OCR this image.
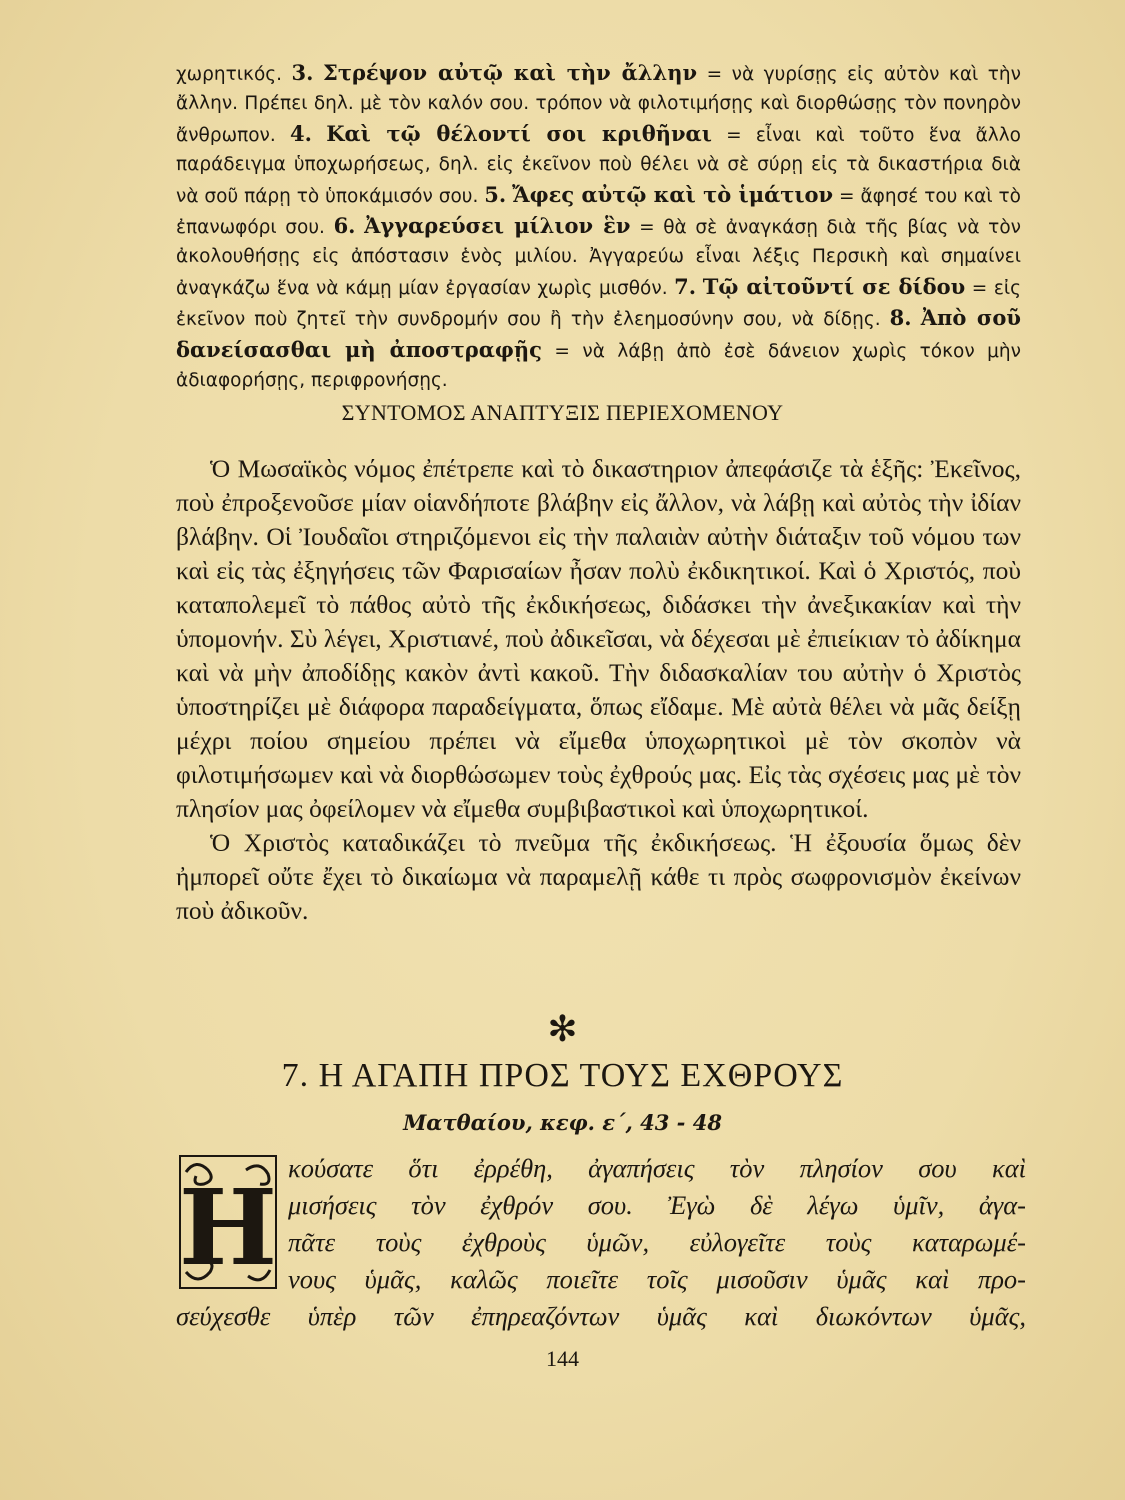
χωρητικός. 3. Στρέψον αὐτῷ καὶ τὴν ἄλλην = νὰ γυρίσῃς εἰς αὐτὸν καὶ τὴν ἄλλην. Πρέπει δηλ. μὲ τὸν καλόν σου. τρόπον νὰ φιλοτιμήσῃς καὶ διορθώσῃς τὸν πονηρὸν ἄνθρωπον. 4. Καὶ τῷ θέλοντί σοι κριθῆναι = εἶναι καὶ τοῦτο ἕνα ἄλλο παράδειγμα ὑποχωρήσεως, δηλ. εἰς ἐκεῖνον ποὺ θέλει νὰ σὲ σύρῃ εἰς τὰ δικαστήρια διὰ νὰ σοῦ πάρῃ τὸ ὑποκάμισόν σου. 5. Ἄφες αὐτῷ καὶ τὸ ἱμάτιον = ἄφησέ του καὶ τὸ ἐπανωφόρι σου. 6. Ἀγγαρεύσει μίλιον ἓν = θὰ σὲ ἀναγκάσῃ διὰ τῆς βίας νὰ τὸν ἀκολουθήσῃς εἰς ἀπόστασιν ἑνὸς μιλίου. Ἀγγαρεύω εἶναι λέξις Περσικὴ καὶ σημαίνει ἀναγκάζω ἕνα νὰ κάμῃ μίαν ἐργασίαν χωρὶς μισθόν. 7. Τῷ αἰτοῦντί σε δίδου = εἰς ἐκεῖνον ποὺ ζητεῖ τὴν συνδρομήν σου ἢ τὴν ἐλεημοσύνην σου, νὰ δίδῃς. 8. Ἀπὸ σοῦ δανείσασθαι μὴ ἀποστραφῇς = νὰ λάβῃ ἀπὸ ἐσὲ δάνειον χωρὶς τόκον μὴν ἀδιαφορήσῃς, περιφρονήσῃς.

ΣΥΝΤΟΜΟΣ ΑΝΑΠΤΥΞΙΣ ΠΕΡΙΕΧΟΜΕΝΟΥ

Ὁ Μωσαϊκὸς νόμος ἐπέτρεπε καὶ τὸ δικαστηριον ἀπεφάσιζε τὰ ἑξῆς: Ἐκεῖνος, ποὺ ἐπροξενοῦσε μίαν οἱανδήποτε βλάβην εἰς ἄλλον, νὰ λάβῃ καὶ αὐτὸς τὴν ἰδίαν βλάβην. Οἱ Ἰουδαῖοι στηριζόμενοι εἰς τὴν παλαιὰν αὐτὴν διάταξιν τοῦ νόμου των καὶ εἰς τὰς ἐξηγήσεις τῶν Φαρισαίων ἦσαν πολὺ ἐκδικητικοί. Καὶ ὁ Χριστός, ποὺ καταπολεμεῖ τὸ πάθος αὐτὸ τῆς ἐκδικήσεως, διδάσκει τὴν ἀνεξικακίαν καὶ τὴν ὑπομονήν. Σὺ λέγει, Χριστιανέ, ποὺ ἀδικεῖσαι, νὰ δέχεσαι μὲ ἐπιείκιαν τὸ ἀδίκημα καὶ νὰ μὴν ἀποδίδῃς κακὸν ἀντὶ κακοῦ. Τὴν διδασκαλίαν του αὐτὴν ὁ Χριστὸς ὑποστηρίζει μὲ διάφορα παραδείγματα, ὅπως εἴδαμε. Μὲ αὐτὰ θέλει νὰ μᾶς δείξῃ μέχρι ποίου σημείου πρέπει νὰ εἴμεθα ὑποχωρητικοὶ μὲ τὸν σκοπὸν νὰ φιλοτιμήσωμεν καὶ νὰ διορθώσωμεν τοὺς ἐχθρούς μας. Εἰς τὰς σχέσεις μας μὲ τὸν πλησίον μας ὀφείλομεν νὰ εἴμεθα συμβιβαστικοὶ καὶ ὑποχωρητικοί.

Ὁ Χριστὸς καταδικάζει τὸ πνεῦμα τῆς ἐκδικήσεως. Ἡ ἐξουσία ὅμως δὲν ἠμπορεῖ οὔτε ἔχει τὸ δικαίωμα νὰ παραμελῇ κάθε τι πρὸς σωφρονισμὸν ἐκείνων ποὺ ἀδικοῦν.

✻
7. Η ΑΓΑΠΗ ΠΡΟΣ ΤΟΥΣ ΕΧΘΡΟΥΣ
Ματθαίου, κεφ. ε΄, 43 - 48
Η κούσατε ὅτι ἐρρέθη, ἀγαπήσεις τὸν πλησίον σου καὶ
μισήσεις τὸν ἐχθρόν σου. Ἐγὼ δὲ λέγω ὑμῖν, ἀγα-
πᾶτε τοὺς ἐχθροὺς ὑμῶν, εὐλογεῖτε τοὺς καταρωμέ-
νους ὑμᾶς, καλῶς ποιεῖτε τοῖς μισοῦσιν ὑμᾶς καὶ προ-
σεύχεσθε ὑπὲρ τῶν ἐπηρεαζόντων ὑμᾶς καὶ διωκόντων ὑμᾶς,
144
